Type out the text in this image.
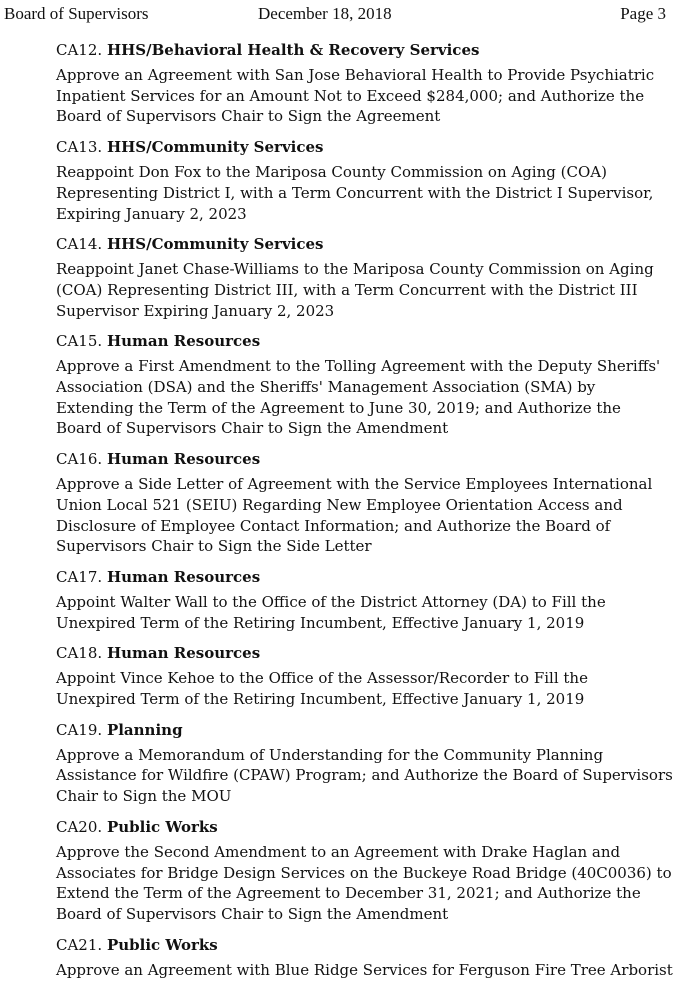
Board of Supervisors	December 18, 2018	Page 3
CA12. HHS/Behavioral Health & Recovery Services
Approve an Agreement with San Jose Behavioral Health to Provide Psychiatric
Inpatient Services for an Amount Not to Exceed $284,000; and Authorize the
Board of Supervisors Chair to Sign the Agreement
CA13. HHS/Community Services
Reappoint Don Fox to the Mariposa County Commission on Aging (COA)
Representing District I, with a Term Concurrent with the District I Supervisor,
Expiring January 2, 2023
CA14. HHS/Community Services
Reappoint Janet Chase-Williams to the Mariposa County Commission on Aging
(COA) Representing District III, with a Term Concurrent with the District III
Supervisor Expiring January 2, 2023
CA15. Human Resources
Approve a First Amendment to the Tolling Agreement with the Deputy Sheriffs'
Association (DSA) and the Sheriffs' Management Association (SMA) by
Extending the Term of the Agreement to June 30, 2019; and Authorize the
Board of Supervisors Chair to Sign the Amendment
CA16. Human Resources
Approve a Side Letter of Agreement with the Service Employees International
Union Local 521 (SEIU) Regarding New Employee Orientation Access and
Disclosure of Employee Contact Information; and Authorize the Board of
Supervisors Chair to Sign the Side Letter
CA17. Human Resources
Appoint Walter Wall to the Office of the District Attorney (DA) to Fill the
Unexpired Term of the Retiring Incumbent, Effective January 1, 2019
CA18. Human Resources
Appoint Vince Kehoe to the Office of the Assessor/Recorder to Fill the
Unexpired Term of the Retiring Incumbent, Effective January 1, 2019
CA19. Planning
Approve a Memorandum of Understanding for the Community Planning
Assistance for Wildfire (CPAW) Program; and Authorize the Board of Supervisors
Chair to Sign the MOU
CA20. Public Works
Approve the Second Amendment to an Agreement with Drake Haglan and
Associates for Bridge Design Services on the Buckeye Road Bridge (40C0036) to
Extend the Term of the Agreement to December 31, 2021; and Authorize the
Board of Supervisors Chair to Sign the Amendment
CA21. Public Works
Approve an Agreement with Blue Ridge Services for Ferguson Fire Tree Arborist
